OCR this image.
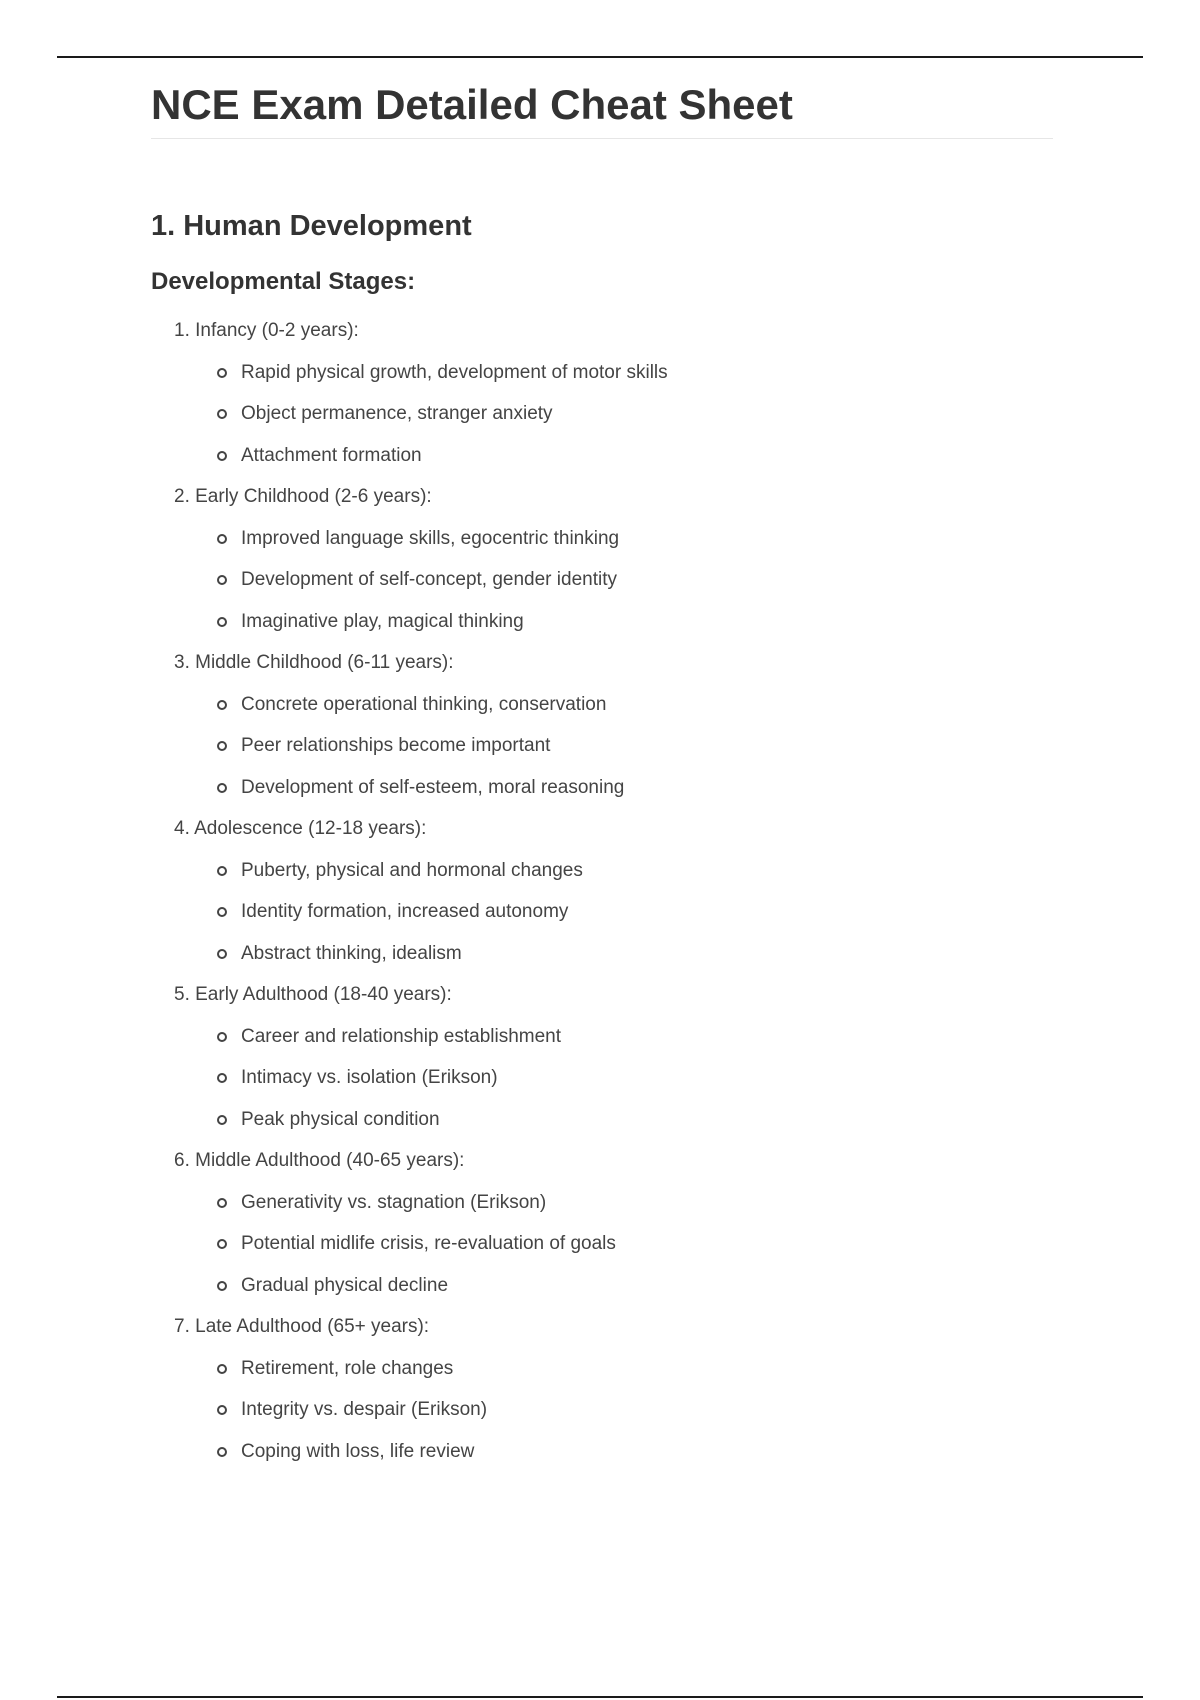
NCE Exam Detailed Cheat Sheet
1. Human Development
Developmental Stages:
1. Infancy (0-2 years):
Rapid physical growth, development of motor skills
Object permanence, stranger anxiety
Attachment formation
2. Early Childhood (2-6 years):
Improved language skills, egocentric thinking
Development of self-concept, gender identity
Imaginative play, magical thinking
3. Middle Childhood (6-11 years):
Concrete operational thinking, conservation
Peer relationships become important
Development of self-esteem, moral reasoning
4. Adolescence (12-18 years):
Puberty, physical and hormonal changes
Identity formation, increased autonomy
Abstract thinking, idealism
5. Early Adulthood (18-40 years):
Career and relationship establishment
Intimacy vs. isolation (Erikson)
Peak physical condition
6. Middle Adulthood (40-65 years):
Generativity vs. stagnation (Erikson)
Potential midlife crisis, re-evaluation of goals
Gradual physical decline
7. Late Adulthood (65+ years):
Retirement, role changes
Integrity vs. despair (Erikson)
Coping with loss, life review
